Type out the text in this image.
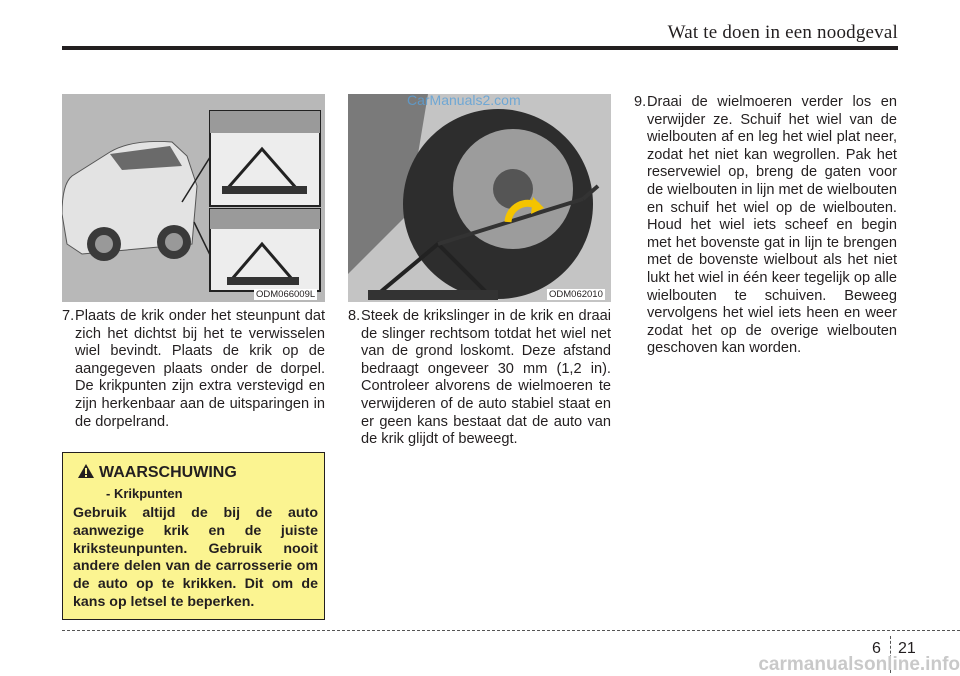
Wat te doen in een noodgeval
ODM066009L	ODM062010
7. Plaats de krik onder het steunpunt dat zich het dichtst bij het te verwisselen wiel bevindt. Plaats de krik op de aangegeven plaats onder de dorpel. De krikpunten zijn extra verstevigd en zijn herkenbaar aan de uitsparingen in de dorpelrand.
8. Steek de krikslinger in de krik en draai de slinger rechtsom totdat het wiel net van de grond loskomt. Deze afstand bedraagt ongeveer 30 mm (1,2 in). Controleer alvorens de wielmoeren te verwijderen of de auto stabiel staat en er geen kans bestaat dat de auto van de krik glijdt of beweegt.
9. Draai de wielmoeren verder los en verwijder ze. Schuif het wiel van de wielbouten af en leg het wiel plat neer, zodat het niet kan wegrollen. Pak het reservewiel op, breng de gaten voor de wielbouten in lijn met de wielbouten en schuif het wiel op de wielbouten. Houd het wiel iets scheef en begin met het bovenste gat in lijn te brengen met de bovenste wielbout als het niet lukt het wiel in één keer tegelijk op alle wielbouten te schuiven. Beweeg vervolgens het wiel iets heen en weer zodat het op de overige wielbouten geschoven kan worden.
WAARSCHUWING
- Krikpunten
Gebruik altijd de bij de auto aanwezige krik en de juiste kriksteunpunten. Gebruik nooit andere delen van de carrosserie om de auto op te krikken. Dit om de kans op letsel te beperken.
6 21
CarManuals2.com
carmanualsonline.info
